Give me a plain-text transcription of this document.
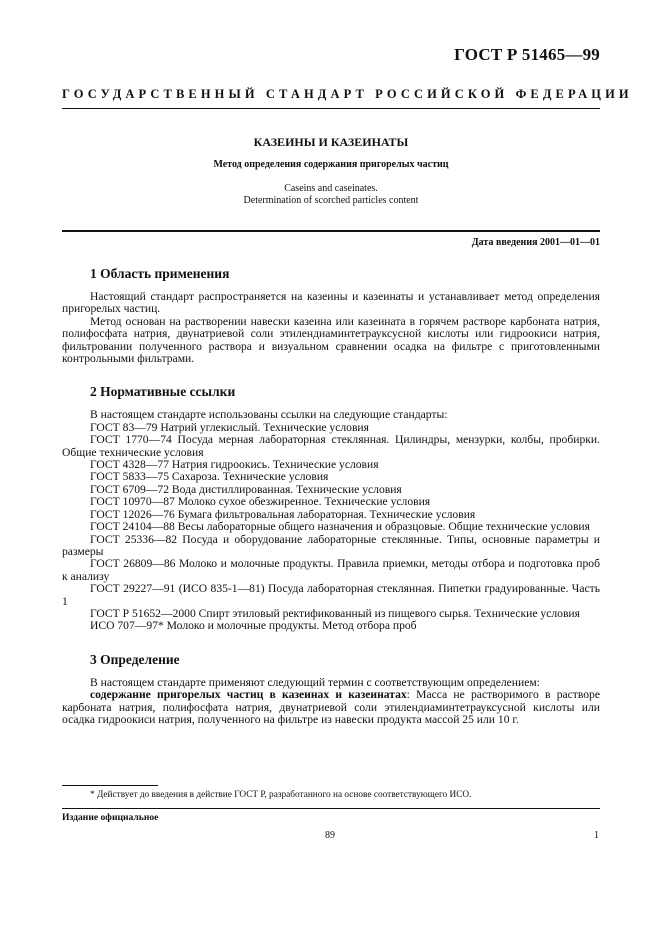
ГОСТ Р 51465—99
ГОСУДАРСТВЕННЫЙ СТАНДАРТ РОССИЙСКОЙ ФЕДЕРАЦИИ
КАЗЕИНЫ И КАЗЕИНАТЫ
Метод определения содержания пригорелых частиц
Caseins and caseinates.
Determination of scorched particles content
Дата введения 2001—01—01
1 Область применения

Настоящий стандарт распространяется на казеины и казеинаты и устанавливает метод определения пригорелых частиц.

Метод основан на растворении навески казеина или казеината в горячем растворе карбоната натрия, полифосфата натрия, двунатриевой соли этилендиаминтетрауксусной кислоты или гидроокиси натрия, фильтровании полученного раствора и визуальном сравнении осадка на фильтре с приготовленными контрольными фильтрами.

2 Нормативные ссылки

В настоящем стандарте использованы ссылки на следующие стандарты:

ГОСТ 83—79 Натрий углекислый. Технические условия

ГОСТ 1770—74 Посуда мерная лабораторная стеклянная. Цилиндры, мензурки, колбы, пробирки. Общие технические условия

ГОСТ 4328—77 Натрия гидроокись. Технические условия

ГОСТ 5833—75 Сахароза. Технические условия

ГОСТ 6709—72 Вода дистиллированная. Технические условия

ГОСТ 10970—87 Молоко сухое обезжиренное. Технические условия

ГОСТ 12026—76 Бумага фильтровальная лабораторная. Технические условия

ГОСТ 24104—88 Весы лабораторные общего назначения и образцовые. Общие технические условия

ГОСТ 25336—82 Посуда и оборудование лабораторные стеклянные. Типы, основные параметры и размеры

ГОСТ 26809—86 Молоко и молочные продукты. Правила приемки, методы отбора и подготовка проб к анализу

ГОСТ 29227—91 (ИСО 835-1—81) Посуда лабораторная стеклянная. Пипетки градуированные. Часть 1

ГОСТ Р 51652—2000 Спирт этиловый ректификованный из пищевого сырья. Технические условия

ИСО 707—97* Молоко и молочные продукты. Метод отбора проб

3 Определение

В настоящем стандарте применяют следующий термин с соответствующим определением:

содержание пригорелых частиц в казеинах и казеинатах: Масса не растворимого в растворе карбоната натрия, полифосфата натрия, двунатриевой соли этилендиаминтетрауксусной кислоты или осадка гидроокиси натрия, полученного на фильтре из навески продукта массой 25 или 10 г.

* Действует до введения в действие ГОСТ Р, разработанного на основе соответствующего ИСО.
Издание официальное
89	1
